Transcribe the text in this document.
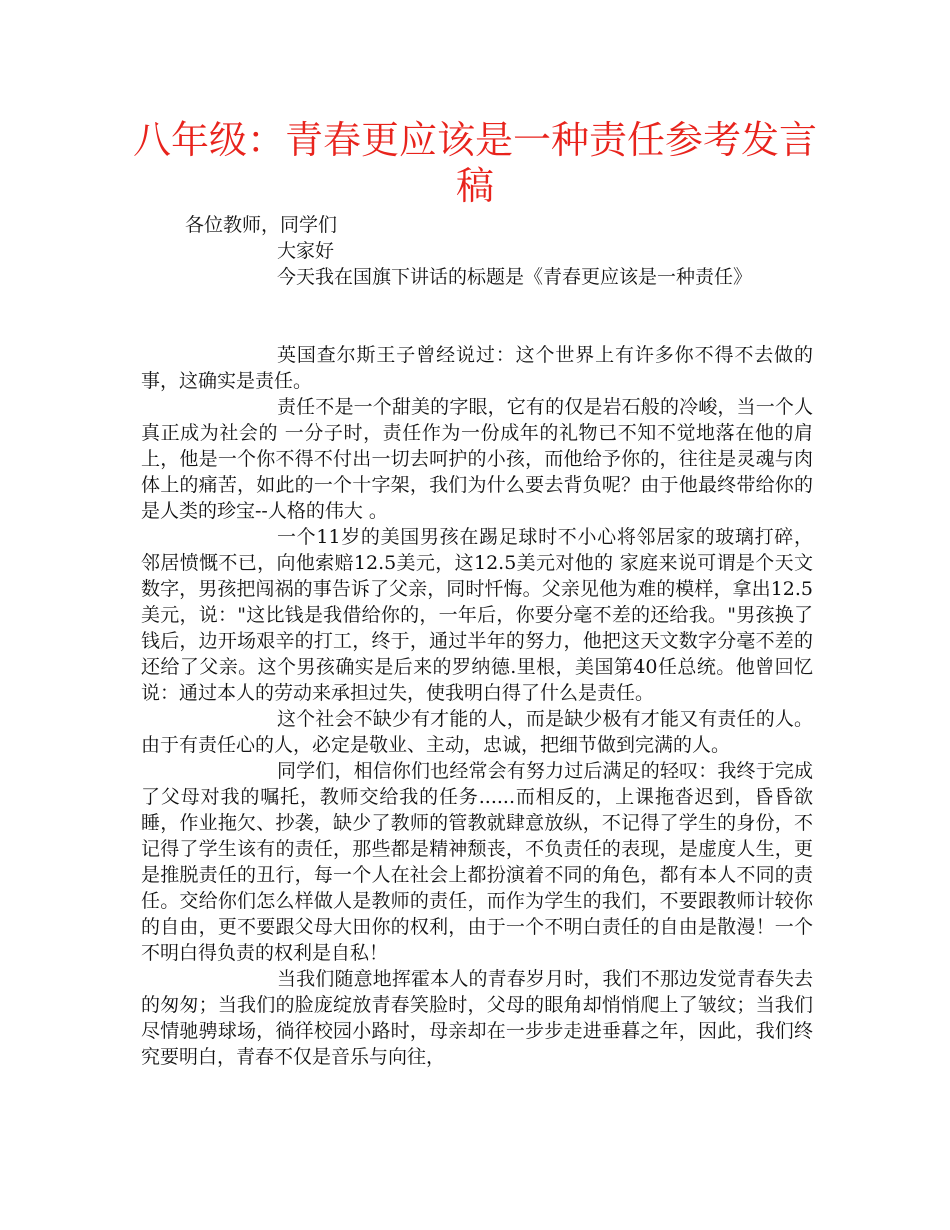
八年级：青春更应该是一种责任参考发言稿

各位教师，同学们

大家好

今天我在国旗下讲话的标题是《青春更应该是一种责任》

英国查尔斯王子曾经说过：这个世界上有许多你不得不去做的事，这确实是责任。

责任不是一个甜美的字眼，它有的仅是岩石般的冷峻，当一个人真正成为社会的 一分子时，责任作为一份成年的礼物已不知不觉地落在他的肩上，他是一个你不得不付出一切去呵护的小孩，而他给予你的，往往是灵魂与肉体上的痛苦，如此的一个十字架，我们为什么要去背负呢？由于他最终带给你的是人类的珍宝--人格的伟大 。

一个11岁的美国男孩在踢足球时不小心将邻居家的玻璃打碎，邻居愤慨不已，向他索赔12.5美元，这12.5美元对他的 家庭来说可谓是个天文数字，男孩把闯祸的事告诉了父亲，同时忏悔。父亲见他为难的模样，拿出12.5美元，说："这比钱是我借给你的，一年后，你要分毫不差的还给我。"男孩换了钱后，边开场艰辛的打工，终于，通过半年的努力，他把这天文数字分毫不差的还给了父亲。这个男孩确实是后来的罗纳德.里根，美国第40任总统。他曾回忆说：通过本人的劳动来承担过失，使我明白得了什么是责任。

这个社会不缺少有才能的人，而是缺少极有才能又有责任的人。由于有责任心的人，必定是敬业、主动，忠诚，把细节做到完满的人。

同学们，相信你们也经常会有努力过后满足的轻叹：我终于完成了父母对我的嘱托，教师交给我的任务......而相反的，上课拖沓迟到，昏昏欲睡，作业拖欠、抄袭，缺少了教师的管教就肆意放纵，不记得了学生的身份，不记得了学生该有的责任，那些都是精神颓丧，不负责任的表现，是虚度人生，更是推脱责任的丑行，每一个人在社会上都扮演着不同的角色，都有本人不同的责任。交给你们怎么样做人是教师的责任，而作为学生的我们，不要跟教师计较你的自由，更不要跟父母大田你的权利，由于一个不明白责任的自由是散漫！一个不明白得负责的权利是自私！

当我们随意地挥霍本人的青春岁月时，我们不那边发觉青春失去的匆匆；当我们的脸庞绽放青春笑脸时，父母的眼角却悄悄爬上了皱纹；当我们尽情驰骋球场，徜徉校园小路时，母亲却在一步步走进垂暮之年，因此，我们终究要明白，青春不仅是音乐与向往，
